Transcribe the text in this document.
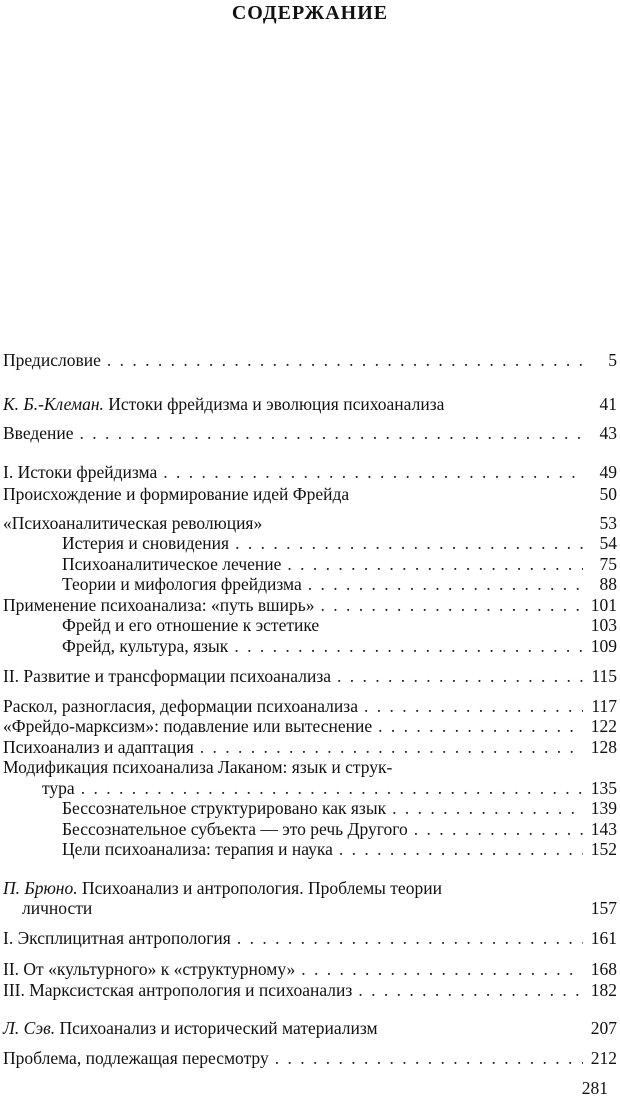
СОДЕРЖАНИЕ
Предисловие . . .	5
К. Б.-Клеман. Истоки фрейдизма и эволюция психоанализа	41
Введение . . .	43
I. Истоки фрейдизма . . .	49
Происхождение и формирование идей Фрейда	50
«Психоаналитическая революция»	53
Истерия и сновидения . . .	54
Психоаналитическое лечение . . .	75
Теории и мифология фрейдизма . . .	88
Применение психоанализа: «путь вширь» . . .	101
Фрейд и его отношение к эстетике	103
Фрейд, культура, язык . . .	109
II. Развитие и трансформации психоанализа . . .	115
Раскол, разногласия, деформации психоанализа . . .	117
«Фрейдо-марксизм»: подавление или вытеснение . . .	122
Психоанализ и адаптация . . .	128
Модификация психоанализа Лаканом: язык и струк-
тура . . .	135
Бессознательное структурировано как язык . . .	139
Бессознательное субъекта — это речь Другого . . .	143
Цели психоанализа: терапия и наука . . .	152
П. Брюно. Психоанализ и антропология. Проблемы теории
личности	157
I. Эксплицитная антропология . . .	161
II. От «культурного» к «структурному» . . .	168
III. Марксистская антропология и психоанализ . . .	182
Л. Сэв. Психоанализ и исторический материализм	207
Проблема, подлежащая пересмотру . . .	212
281
